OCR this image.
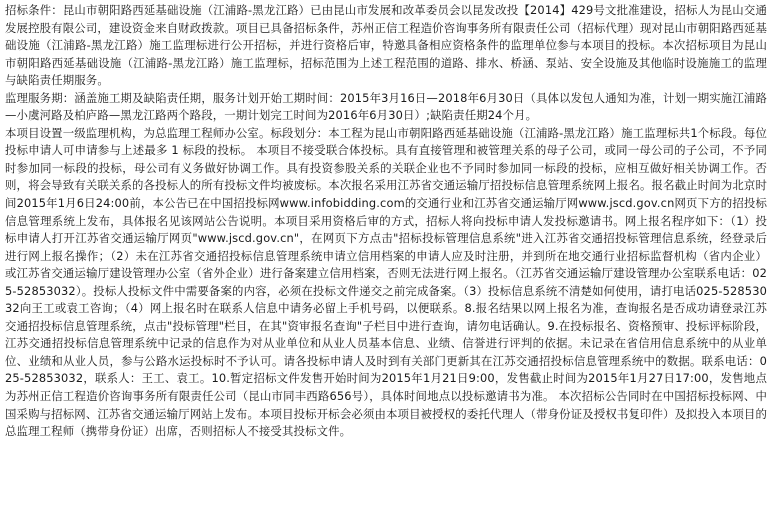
招标条件：昆山市朝阳路西延基础设施（江浦路-黑龙江路）已由昆山市发展和改革委员会以昆发改投【2014】429号文批准建设，招标人为昆山交通发展控股有限公司，建设资金来自财政拨款。项目已具备招标条件，苏州正信工程造价咨询事务所有限责任公司（招标代理）现对昆山市朝阳路西延基础设施（江浦路-黑龙江路）施工监理标进行公开招标，并进行资格后审，特邀具备相应资格条件的监理单位参与本项目的投标。本次招标项目为昆山市朝阳路西延基础设施（江浦路-黑龙江路）施工监理标，招标范围为上述工程范围的道路、排水、桥涵、泵站、安全设施及其他临时设施施工的监理与缺陷责任期服务。

监理服务期：涵盖施工期及缺陷责任期，服务计划开始工期时间：2015年3月16日—2018年6月30日（具体以发包人通知为准，计划一期实施江浦路—小虞河路及柏庐路—黑龙江路两个路段，一期计划完工时间为2016年6月30日）;缺陷责任期24个月。

本项目设置一级监理机构，为总监理工程师办公室。标段划分：本工程为昆山市朝阳路西延基础设施（江浦路-黑龙江路）施工监理标共1个标段。每位投标申请人可申请参与上述最多 1 标段的投标。 本项目不接受联合体投标。具有直接管理和被管理关系的母子公司，或同一母公司的子公司，不予同时参加同一标段的投标，母公司有义务做好协调工作。具有投资参股关系的关联企业也不予同时参加同一标段的投标，应相互做好相关协调工作。否则，将会导致有关联关系的各投标人的所有投标文件均被废标。本次报名采用江苏省交通运输厅招投标信息管理系统网上报名。报名截止时间为北京时间2015年1月6日24:00前，本公告已在中国招投标网www.infobidding.com的交通行业和江苏省交通运输厅网www.jscd.gov.cn网页下方的招投标信息管理系统上发布，具体报名见该网站公告说明。本项目采用资格后审的方式，招标人将向投标申请人发投标邀请书。网上报名程序如下：（1）投标申请人打开江苏省交通运输厅网页"www.jscd.gov.cn"，在网页下方点击"招标投标管理信息系统"进入江苏省交通招投标管理信息系统，经登录后进行网上报名操作；（2）未在江苏省交通招投标信息管理系统申请立信用档案的申请人应及时注册，并到所在地交通行业招标监督机构（省内企业）或江苏省交通运输厅建设管理办公室（省外企业）进行备案建立信用档案，否则无法进行网上报名。（江苏省交通运输厅建设管理办公室联系电话：025-52853032）。投标人投标文件中需要备案的内容，必须在投标文件递交之前完成备案。（3）投标信息系统不清楚如何使用，请打电话025-52853032向王工或袁工咨询；（4）网上报名时在联系人信息中请务必留上手机号码，以便联系。8.报名结果以网上报名为准，查询报名是否成功请登录江苏交通招投标信息管理系统，点击"投标管理"栏目，在其"资审报名查询"子栏目中进行查询，请勿电话确认。9.在投标报名、资格预审、投标评标阶段，江苏交通招投标信息管理系统中记录的信息作为对从业单位和从业人员基本信息、业绩、信誉进行评判的依据。未记录在省信用信息系统中的从业单位、业绩和从业人员，参与公路水运投标时不予认可。请各投标申请人及时到有关部门更新其在江苏交通招投标信息管理系统中的数据。联系电话：025-52853032，联系人：王工、袁工。10.暂定招标文件发售开始时间为2015年1月21日9:00，发售截止时间为2015年1月27日17:00，发售地点为苏州正信工程造价咨询事务所有限责任公司（昆山市同丰西路656号），具体时间地点以投标邀请书为准。 本次招标公告同时在中国招标投标网、中国采购与招标网、江苏省交通运输厅网站上发布。本项目投标开标会必须由本项目被授权的委托代理人（带身份证及授权书复印件）及拟投入本项目的总监理工程师（携带身份证）出席，否则招标人不接受其投标文件。
